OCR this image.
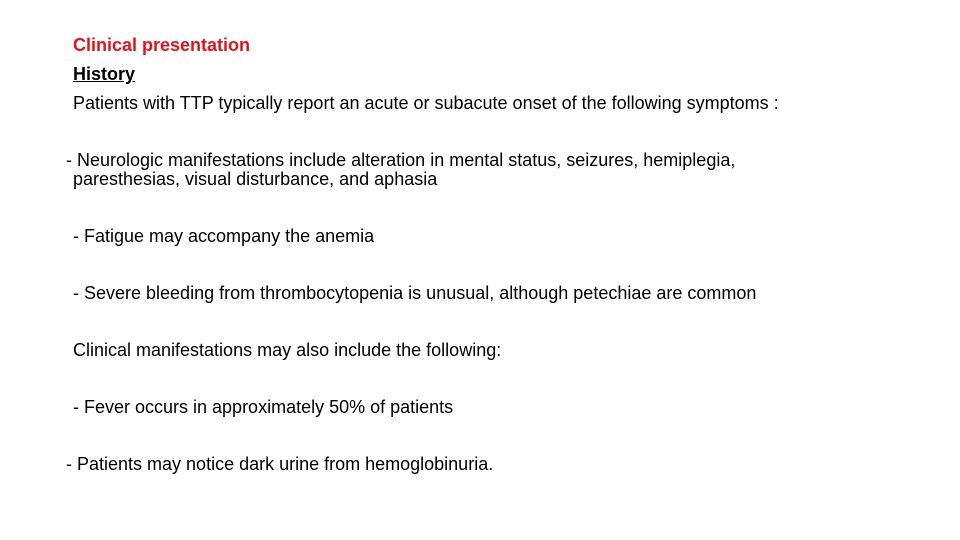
Clinical presentation
History
Patients with TTP typically report an acute or subacute onset of the following symptoms :
- Neurologic manifestations include alteration in mental status, seizures, hemiplegia,
paresthesias, visual disturbance, and aphasia
- Fatigue may accompany the anemia
- Severe bleeding from thrombocytopenia is unusual, although petechiae are common
Clinical manifestations may also include the following:
- Fever occurs in approximately 50% of patients
- Patients may notice dark urine from hemoglobinuria.
